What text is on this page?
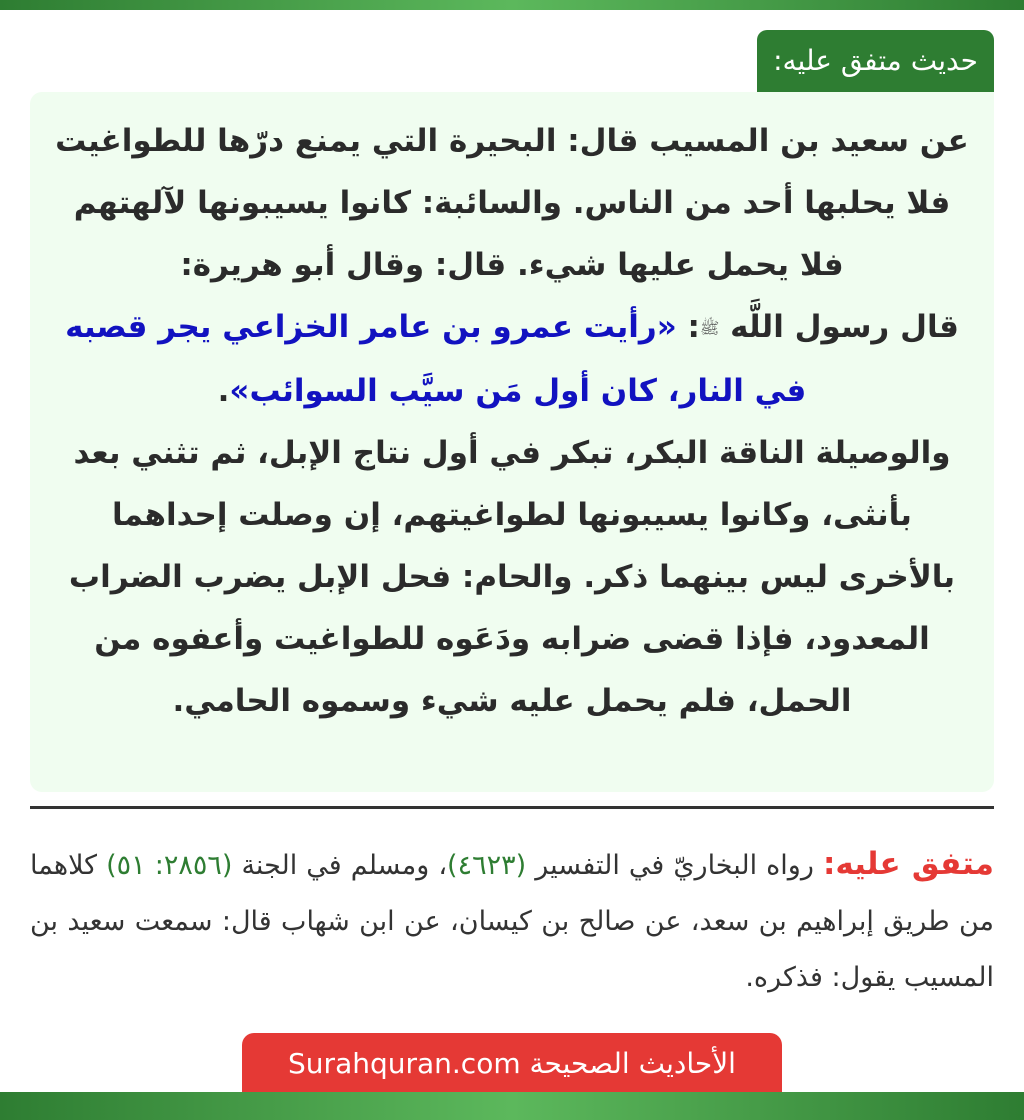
حديث متفق عليه:

عن سعيد بن المسيب قال: البحيرة التي يمنع درّها للطواغيت فلا يحلبها أحد من الناس. والسائبة: كانوا يسيبونها لآلهتهم فلا يحمل عليها شيء. قال: وقال أبو هريرة:

قال رسول اللَّه ﷺ: «رأيت عمرو بن عامر الخزاعي يجر قصبه في النار، كان أول مَن سيَّب السوائب».

والوصيلة الناقة البكر، تبكر في أول نتاج الإبل، ثم تثني بعد بأنثى، وكانوا يسيبونها لطواغيتهم، إن وصلت إحداهما بالأخرى ليس بينهما ذكر. والحام: فحل الإبل يضرب الضراب المعدود، فإذا قضى ضرابه ودَعَوه للطواغيت وأعفوه من الحمل، فلم يحمل عليه شيء وسموه الحامي.

متفق عليه: رواه البخاريّ في التفسير (٤٦٢٣)، ومسلم في الجنة (٢٨٥٦: ٥١) كلاهما من طريق إبراهيم بن سعد، عن صالح بن كيسان، عن ابن شهاب قال: سمعت سعيد بن المسيب يقول: فذكره.
الأحاديث الصحيحة Surahquran.com
